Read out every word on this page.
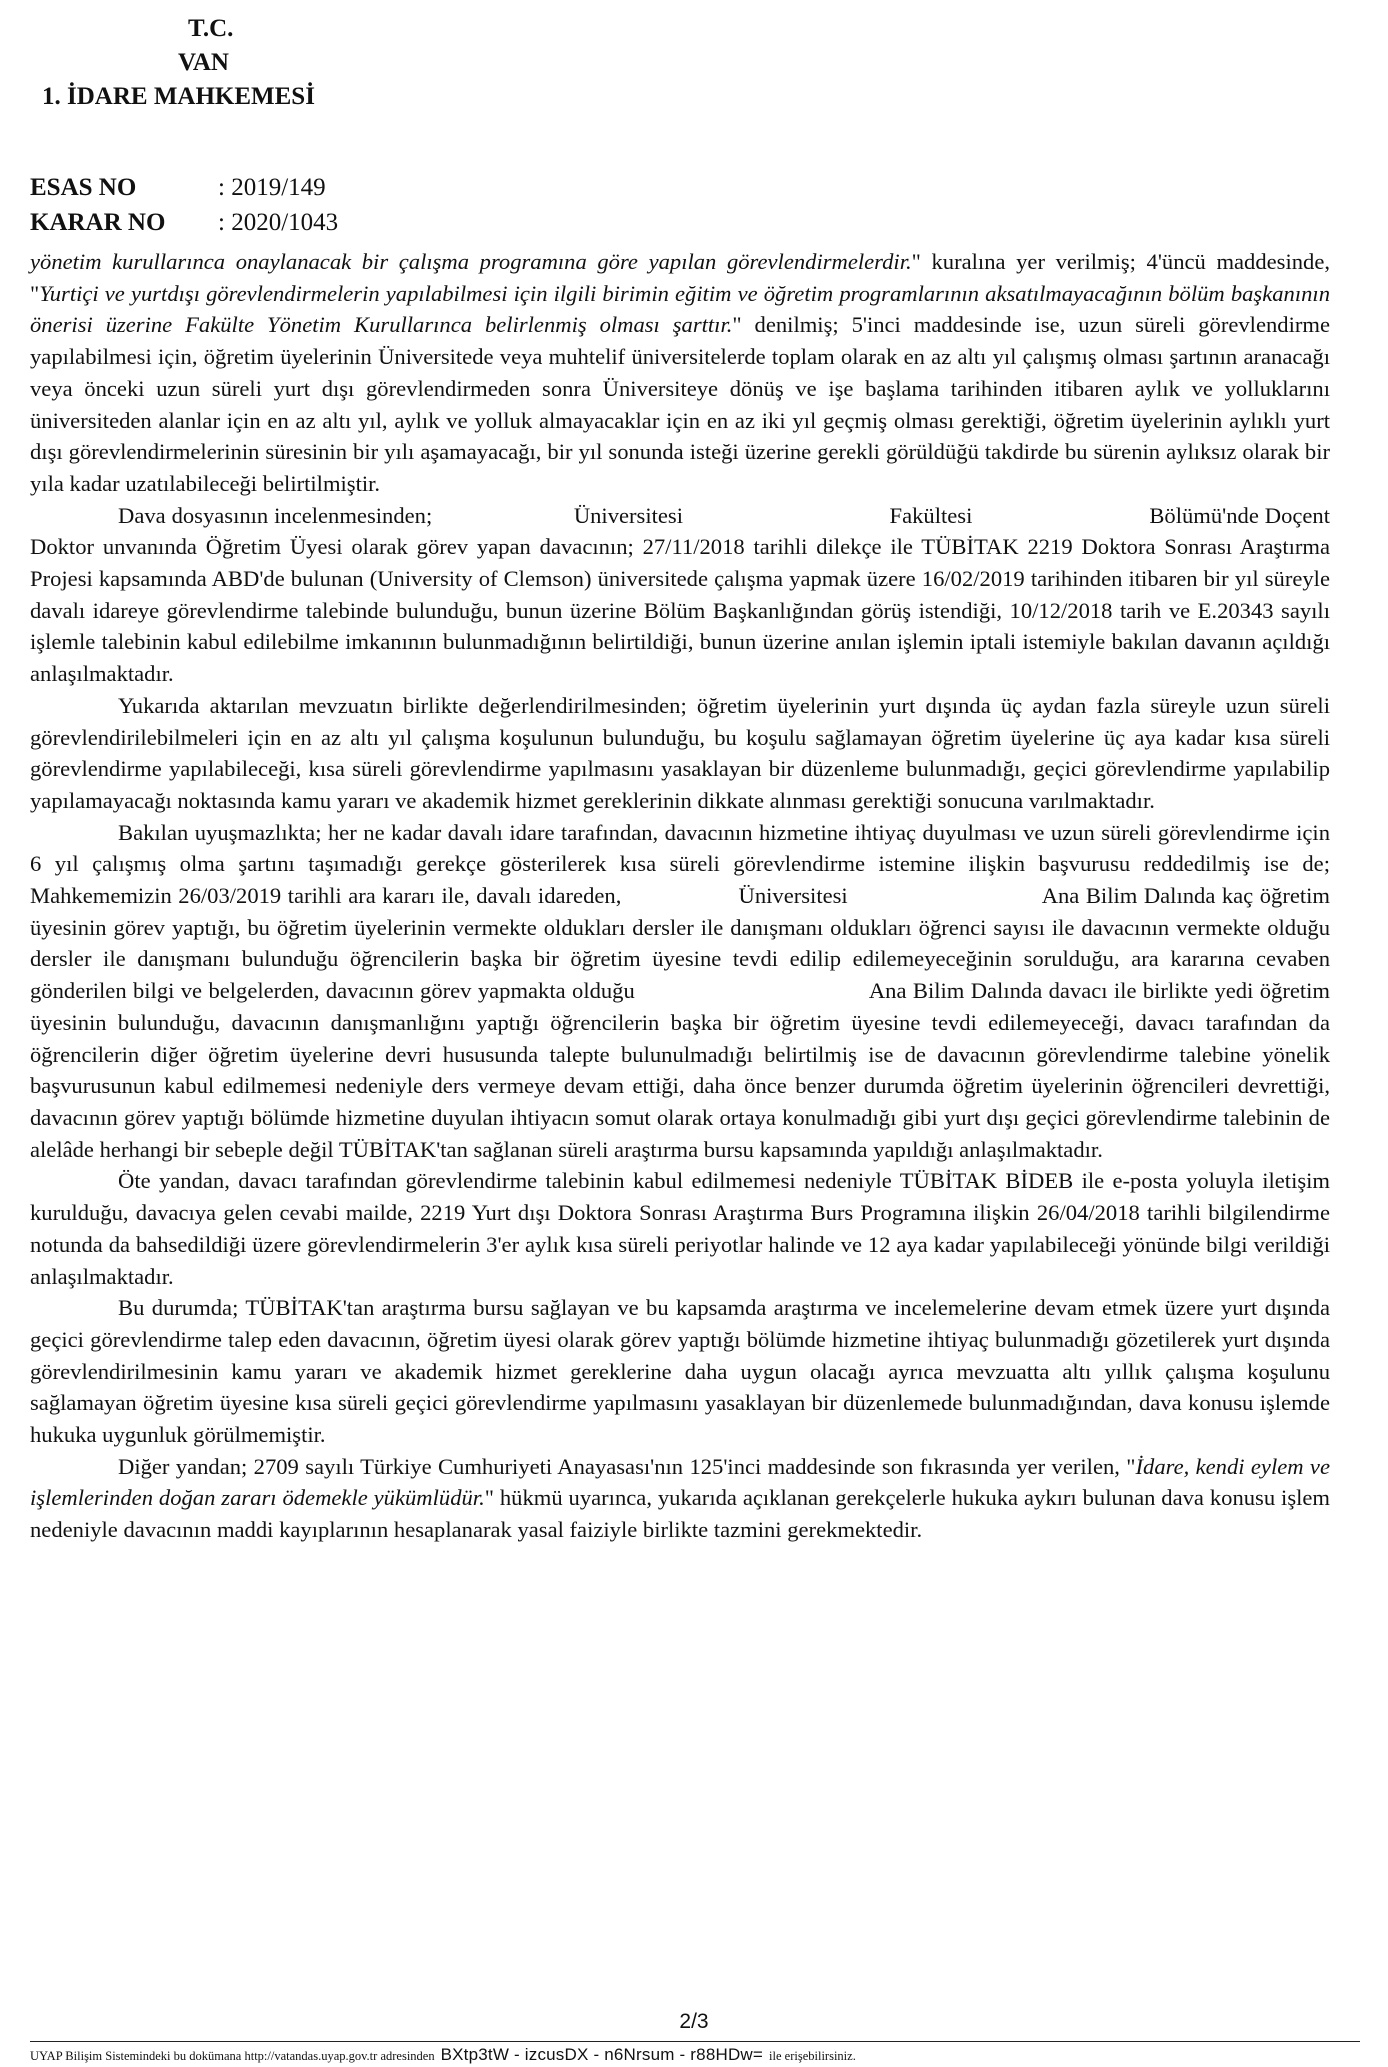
T.C.
VAN
1. İDARE MAHKEMESİ
ESAS NO	: 2019/149
KARAR NO : 2020/1043

yönetim kurullarınca onaylanacak bir çalışma programına göre yapılan görevlendirmelerdir." kuralına yer verilmiş; 4'üncü maddesinde, "Yurtiçi ve yurtdışı görevlendirmelerin yapılabilmesi için ilgili birimin eğitim ve öğretim programlarının aksatılmayacağının bölüm başkanının önerisi üzerine Fakülte Yönetim Kurullarınca belirlenmiş olması şarttır." denilmiş; 5'inci maddesinde ise, uzun süreli görevlendirme yapılabilmesi için, öğretim üyelerinin Üniversitede veya muhtelif üniversitelerde toplam olarak en az altı yıl çalışmış olması şartının aranacağı veya önceki uzun süreli yurt dışı görevlendirmeden sonra Üniversiteye dönüş ve işe başlama tarihinden itibaren aylık ve yolluklarını üniversiteden alanlar için en az altı yıl, aylık ve yolluk almayacaklar için en az iki yıl geçmiş olması gerektiği, öğretim üyelerinin aylıklı yurt dışı görevlendirmelerinin süresinin bir yılı aşamayacağı, bir yıl sonunda isteği üzerine gerekli görüldüğü takdirde bu sürenin aylıksız olarak bir yıla kadar uzatılabileceği belirtilmiştir.

Dava dosyasının incelenmesinden;                        Üniversitesi                                   Fakültesi                              Bölümü'nde Doçent Doktor unvanında Öğretim Üyesi olarak görev yapan davacının; 27/11/2018 tarihli dilekçe ile TÜBİTAK 2219 Doktora Sonrası Araştırma Projesi kapsamında ABD'de bulunan (University of Clemson) üniversitede çalışma yapmak üzere 16/02/2019 tarihinden itibaren bir yıl süreyle davalı idareye görevlendirme talebinde bulunduğu, bunun üzerine Bölüm Başkanlığından görüş istendiği, 10/12/2018 tarih ve E.20343 sayılı işlemle talebinin kabul edilebilme imkanının bulunmadığının belirtildiği, bunun üzerine anılan işlemin iptali istemiyle bakılan davanın açıldığı anlaşılmaktadır.

Yukarıda aktarılan mevzuatın birlikte değerlendirilmesinden; öğretim üyelerinin yurt dışında üç aydan fazla süreyle uzun süreli görevlendirilebilmeleri için en az altı yıl çalışma koşulunun bulunduğu, bu koşulu sağlamayan öğretim üyelerine üç aya kadar kısa süreli görevlendirme yapılabileceği, kısa süreli görevlendirme yapılmasını yasaklayan bir düzenleme bulunmadığı, geçici görevlendirme yapılabilip yapılamayacağı noktasında kamu yararı ve akademik hizmet gereklerinin dikkate alınması gerektiği sonucuna varılmaktadır.

Bakılan uyuşmazlıkta; her ne kadar davalı idare tarafından, davacının hizmetine ihtiyaç duyulması ve uzun süreli görevlendirme için 6 yıl çalışmış olma şartını taşımadığı gerekçe gösterilerek kısa süreli görevlendirme istemine ilişkin başvurusu reddedilmiş ise de; Mahkememizin 26/03/2019 tarihli ara kararı ile, davalı idareden,                  Üniversitesi                              Ana Bilim Dalında kaç öğretim üyesinin görev yaptığı, bu öğretim üyelerinin vermekte oldukları dersler ile danışmanı oldukları öğrenci sayısı ile davacının vermekte olduğu dersler ile danışmanı bulunduğu öğrencilerin başka bir öğretim üyesine tevdi edilip edilemeyeceğinin sorulduğu, ara kararına cevaben gönderilen bilgi ve belgelerden, davacının görev yapmakta olduğu                                     Ana Bilim Dalında davacı ile birlikte yedi öğretim üyesinin bulunduğu, davacının danışmanlığını yaptığı öğrencilerin başka bir öğretim üyesine tevdi edilemeyeceği, davacı tarafından da öğrencilerin diğer öğretim üyelerine devri hususunda talepte bulunulmadığı belirtilmiş ise de davacının görevlendirme talebine yönelik başvurusunun kabul edilmemesi nedeniyle ders vermeye devam ettiği, daha önce benzer durumda öğretim üyelerinin öğrencileri devrettiği, davacının görev yaptığı bölümde hizmetine duyulan ihtiyacın somut olarak ortaya konulmadığı gibi yurt dışı geçici görevlendirme talebinin de alelâde herhangi bir sebeple değil TÜBİTAK'tan sağlanan süreli araştırma bursu kapsamında yapıldığı anlaşılmaktadır.

Öte yandan, davacı tarafından görevlendirme talebinin kabul edilmemesi nedeniyle TÜBİTAK BİDEB ile e-posta yoluyla iletişim kurulduğu, davacıya gelen cevabi mailde, 2219 Yurt dışı Doktora Sonrası Araştırma Burs Programına ilişkin 26/04/2018 tarihli bilgilendirme notunda da bahsedildiği üzere görevlendirmelerin 3'er aylık kısa süreli periyotlar halinde ve 12 aya kadar yapılabileceği yönünde bilgi verildiği anlaşılmaktadır.

Bu durumda; TÜBİTAK'tan araştırma bursu sağlayan ve bu kapsamda araştırma ve incelemelerine devam etmek üzere yurt dışında geçici görevlendirme talep eden davacının, öğretim üyesi olarak görev yaptığı bölümde hizmetine ihtiyaç bulunmadığı gözetilerek yurt dışında görevlendirilmesinin kamu yararı ve akademik hizmet gereklerine daha uygun olacağı ayrıca mevzuatta altı yıllık çalışma koşulunu sağlamayan öğretim üyesine kısa süreli geçici görevlendirme yapılmasını yasaklayan bir düzenlemede bulunmadığından, dava konusu işlemde hukuka uygunluk görülmemiştir.

Diğer yandan; 2709 sayılı Türkiye Cumhuriyeti Anayasası'nın 125'inci maddesinde son fıkrasında yer verilen, "İdare, kendi eylem ve işlemlerinden doğan zararı ödemekle yükümlüdür." hükmü uyarınca, yukarıda açıklanan gerekçelerle hukuka aykırı bulunan dava konusu işlem nedeniyle davacının maddi kayıplarının hesaplanarak yasal faiziyle birlikte tazmini gerekmektedir.

2/3
UYAP Bilişim Sistemindeki bu dokümana http://vatandas.uyap.gov.tr adresinden BXtp3tW - izcusDX - n6Nrsum - r88HDw= ile erişebilirsiniz.
